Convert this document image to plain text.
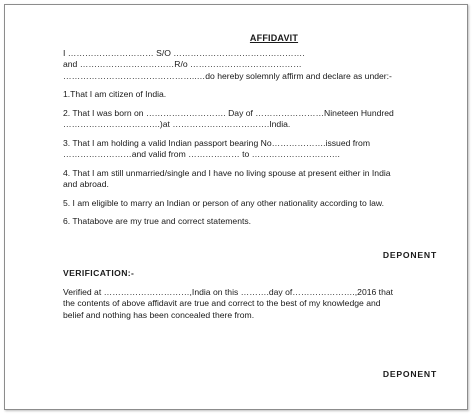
AFFIDAVIT

I ………………………… S/O ……………………………………….

and ……………………………R/o …………………………………

………………………………………..…do hereby solemnly affirm and declare as under:-

1.That I am citizen of India.

2. That I was born on ………………………. Day of ……………………Nineteen Hundred

…………………………….)at …………………………….India.

3. That I am holding a valid Indian passport bearing No……………….issued from

……………………and valid from ……………… to ………………………….

4. That I am still unmarried/single and I have no living spouse at present either in India

and abroad.

5. I am eligible to marry an Indian or person of any other nationality according to law.

6. Thatabove are my true and correct statements.

DEPONENT

VERIFICATION:-

Verified at …………………………,India on this ……….day of………………….,2016 that

the contents of above affidavit are true and correct to the best of my knowledge and

belief and nothing has been concealed there from.

DEPONENT
